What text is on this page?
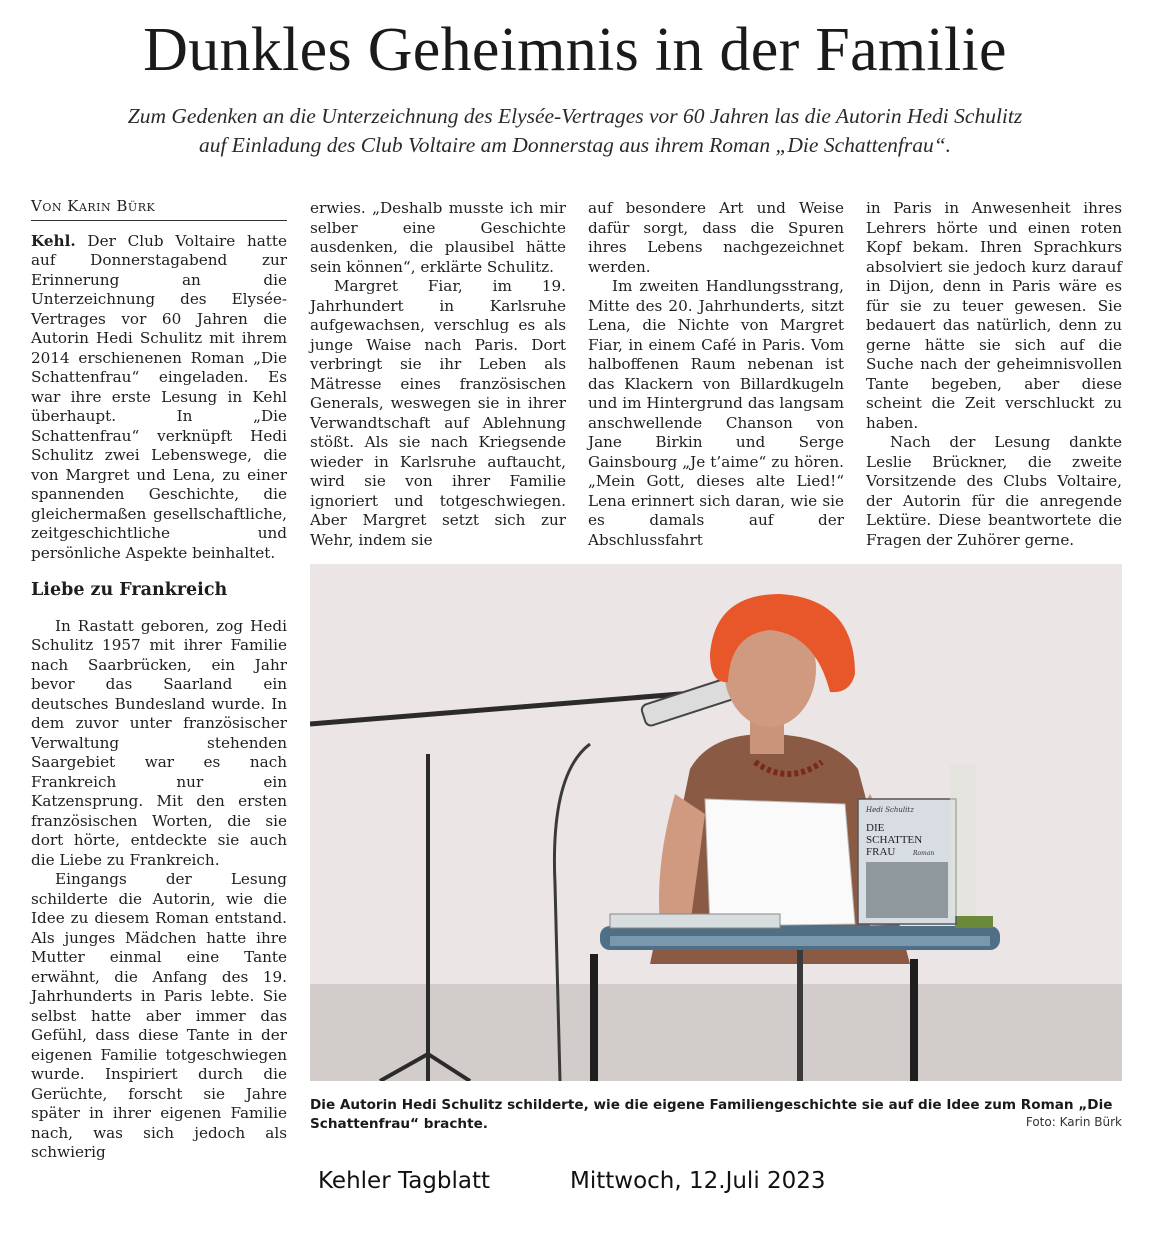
Dunkles Geheimnis in der Familie
Zum Gedenken an die Unterzeichnung des Elysée-Vertrages vor 60 Jahren las die Autorin Hedi Schulitz
auf Einladung des Club Voltaire am Donnerstag aus ihrem Roman „Die Schattenfrau“.
Von Karin Bürk

Kehl. Der Club Voltaire hatte auf Donnerstagabend zur Erinnerung an die Unterzeichnung des Elysée-Vertrages vor 60 Jahren die Autorin Hedi Schulitz mit ihrem 2014 erschienenen Roman „Die Schattenfrau“ eingeladen. Es war ihre erste Lesung in Kehl überhaupt. In „Die Schattenfrau“ verknüpft Hedi Schulitz zwei Lebenswege, die von Margret und Lena, zu einer spannenden Geschichte, die gleichermaßen gesellschaftliche, zeitgeschichtliche und persönliche Aspekte beinhaltet.

Liebe zu Frankreich

In Rastatt geboren, zog Hedi Schulitz 1957 mit ihrer Familie nach Saarbrücken, ein Jahr bevor das Saarland ein deutsches Bundesland wurde. In dem zuvor unter französischer Verwaltung stehenden Saargebiet war es nach Frankreich nur ein Katzensprung. Mit den ersten französischen Worten, die sie dort hörte, entdeckte sie auch die Liebe zu Frankreich.

Eingangs der Lesung schilderte die Autorin, wie die Idee zu diesem Roman entstand. Als junges Mädchen hatte ihre Mutter einmal eine Tante erwähnt, die Anfang des 19. Jahrhunderts in Paris lebte. Sie selbst hatte aber immer das Gefühl, dass diese Tante in der eigenen Familie totgeschwiegen wurde. Inspiriert durch die Gerüchte, forscht sie Jahre später in ihrer eigenen Familie nach, was sich jedoch als schwierig

erwies. „Deshalb musste ich mir selber eine Geschichte ausdenken, die plausibel hätte sein können“, erklärte Schulitz.

Margret Fiar, im 19. Jahrhundert in Karlsruhe aufgewachsen, verschlug es als junge Waise nach Paris. Dort verbringt sie ihr Leben als Mätresse eines französischen Generals, weswegen sie in ihrer Verwandtschaft auf Ablehnung stößt. Als sie nach Kriegsende wieder in Karlsruhe auftaucht, wird sie von ihrer Familie ignoriert und totgeschwiegen. Aber Margret setzt sich zur Wehr, indem sie

auf besondere Art und Weise dafür sorgt, dass die Spuren ihres Lebens nachgezeichnet werden.

Im zweiten Handlungsstrang, Mitte des 20. Jahrhunderts, sitzt Lena, die Nichte von Margret Fiar, in einem Café in Paris. Vom halboffenen Raum nebenan ist das Klackern von Billardkugeln und im Hintergrund das langsam anschwellende Chanson von Jane Birkin und Serge Gainsbourg „Je t’aime“ zu hören. „Mein Gott, dieses alte Lied!“ Lena erinnert sich daran, wie sie es damals auf der Abschlussfahrt

in Paris in Anwesenheit ihres Lehrers hörte und einen roten Kopf bekam. Ihren Sprachkurs absolviert sie jedoch kurz darauf in Dijon, denn in Paris wäre es für sie zu teuer gewesen. Sie bedauert das natürlich, denn zu gerne hätte sie sich auf die Suche nach der geheimnisvollen Tante begeben, aber diese scheint die Zeit verschluckt zu haben.

Nach der Lesung dankte Leslie Brückner, die zweite Vorsitzende des Clubs Voltaire, der Autorin für die anregende Lektüre. Diese beantwortete die Fragen der Zuhörer gerne.

Hedi Schulitz
DIE
SCHATTEN
FRAU	Roman

Die Autorin Hedi Schulitz schilderte, wie die eigene Familiengeschichte sie auf die Idee zum Roman „Die Schattenfrau“ brachte.	Foto: Karin Bürk
Kehler Tagblatt	Mittwoch, 12.Juli 2023
